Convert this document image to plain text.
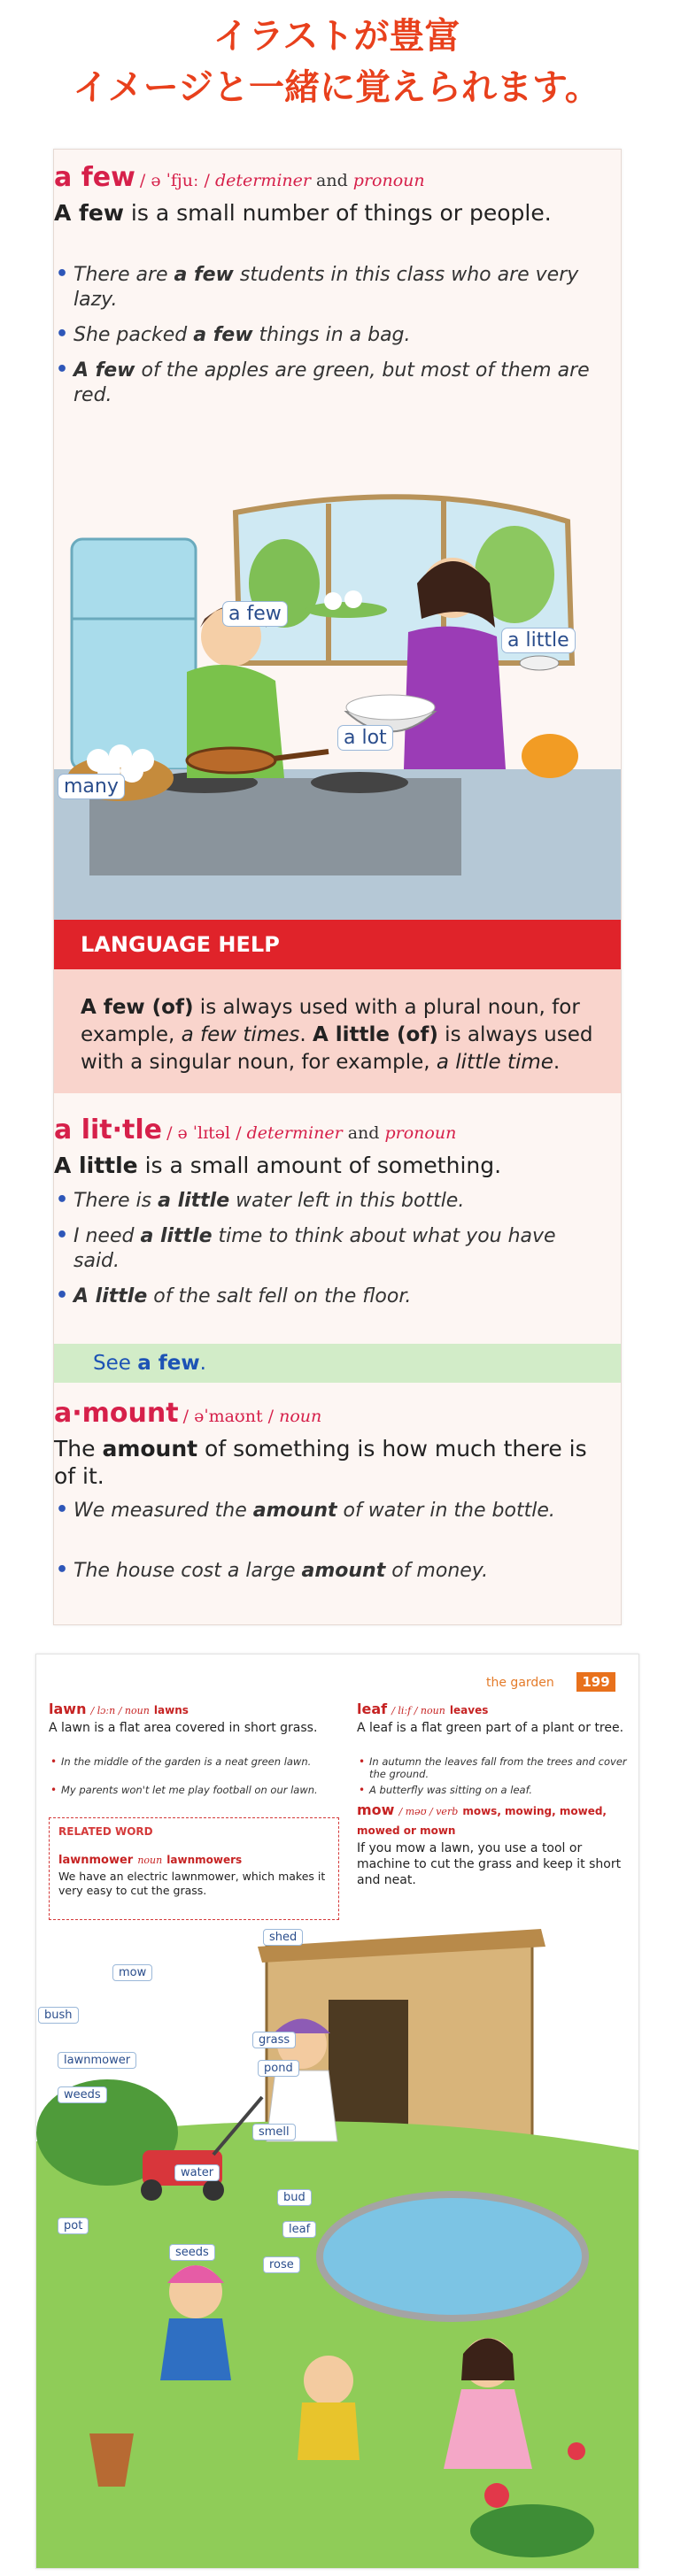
イラストが豊富
イメージと一緒に覚えられます。
a few / ə ˈfjuː / determiner and pronoun
A few is a small number of things or people.
• There are a few students in this class who are very lazy.
• She packed a few things in a bag.
• A few of the apples are green, but most of them are red.
a few
a little
a lot
many
LANGUAGE HELP
A few (of) is always used with a plural noun, for example, a few times. A little (of) is always used with a singular noun, for example, a little time.
a lit·tle / ə ˈlɪtəl / determiner and pronoun
A little is a small amount of something.
• There is a little water left in this bottle.
• I need a little time to think about what you have said.
• A little of the salt fell on the floor.
See a few.
a·mount / əˈmaʊnt / noun
The amount of something is how much there is of it.
• We measured the amount of water in the bottle.
• The house cost a large amount of money.
the garden	199
lawn / lɔːn / noun lawns
A lawn is a flat area covered in short grass.
• In the middle of the garden is a neat green lawn.
• My parents won't let me play football on our lawn.
RELATED WORD
lawnmower noun lawnmowers
We have an electric lawnmower, which makes it very easy to cut the grass.
leaf / liːf / noun leaves
A leaf is a flat green part of a plant or tree.
• In autumn the leaves fall from the trees and cover the ground.
• A butterfly was sitting on a leaf.
mow / məʊ / verb mows, mowing, mowed, mowed or mown
If you mow a lawn, you use a tool or machine to cut the grass and keep it short and neat.
shed
mow
bush
grass
pond
lawnmower
weeds
smell
water
pot
bud
leaf
seeds
rose
